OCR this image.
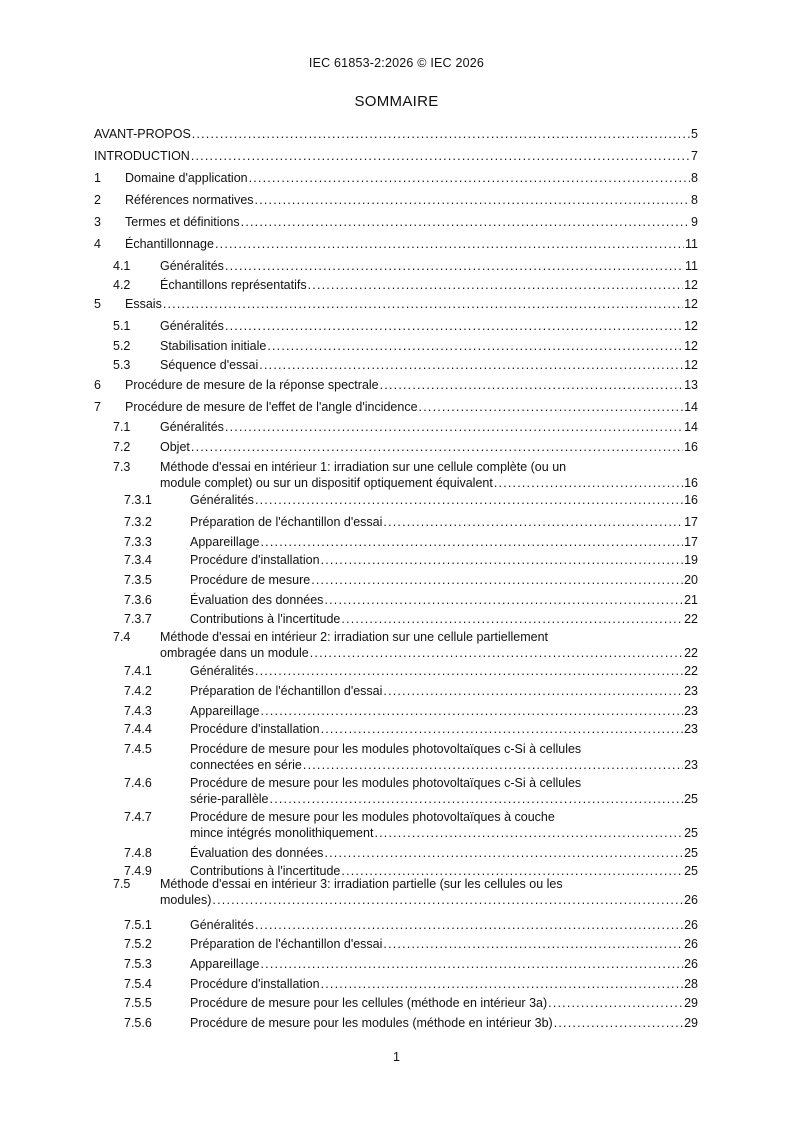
IEC 61853-2:2026 © IEC 2026
SOMMAIRE
AVANT-PROPOS .....	5
INTRODUCTION .....	7
1 Domaine d'application .....	8
2 Références normatives .....	8
3 Termes et définitions .....	9
4 Échantillonnage .....	11
4.1 Généralités .....	11
4.2 Échantillons représentatifs .....	12
5 Essais .....	12
5.1 Généralités .....	12
5.2 Stabilisation initiale .....	12
5.3 Séquence d'essai .....	12
6 Procédure de mesure de la réponse spectrale .....	13
7 Procédure de mesure de l'effet de l'angle d'incidence .....	14
7.1 Généralités .....	14
7.2 Objet .....	16
7.3 Méthode d'essai en intérieur 1: irradiation sur une cellule complète (ou un
module complet) ou sur un dispositif optiquement équivalent .....	16
7.3.1	Généralités .....	16
7.3.2	Préparation de l'échantillon d'essai .....	17
7.3.3	Appareillage .....	17
7.3.4	Procédure d'installation .....	19
7.3.5	Procédure de mesure .....	20
7.3.6	Évaluation des données .....	21
7.3.7	Contributions à l'incertitude .....	22
7.4 Méthode d'essai en intérieur 2: irradiation sur une cellule partiellement
ombragée dans un module .....	22
7.4.1	Généralités .....	22
7.4.2	Préparation de l'échantillon d'essai .....	23
7.4.3	Appareillage .....	23
7.4.4	Procédure d'installation .....	23
7.4.5	Procédure de mesure pour les modules photovoltaïques c-Si à cellules
connectées en série .....	23
7.4.6	Procédure de mesure pour les modules photovoltaïques c-Si à cellules
série-parallèle .....	25
7.4.7	Procédure de mesure pour les modules photovoltaïques à couche
mince intégrés monolithiquement .....	25
7.4.8	Évaluation des données .....	25
7.4.9	Contributions à l'incertitude .....	25
7.5 Méthode d'essai en intérieur 3: irradiation partielle (sur les cellules ou les
modules) .....	26
7.5.1	Généralités .....	26
7.5.2	Préparation de l'échantillon d'essai .....	26
7.5.3	Appareillage .....	26
7.5.4	Procédure d'installation .....	28
7.5.5	Procédure de mesure pour les cellules (méthode en intérieur 3a) .....	29
7.5.6	Procédure de mesure pour les modules (méthode en intérieur 3b) .....	29
1
